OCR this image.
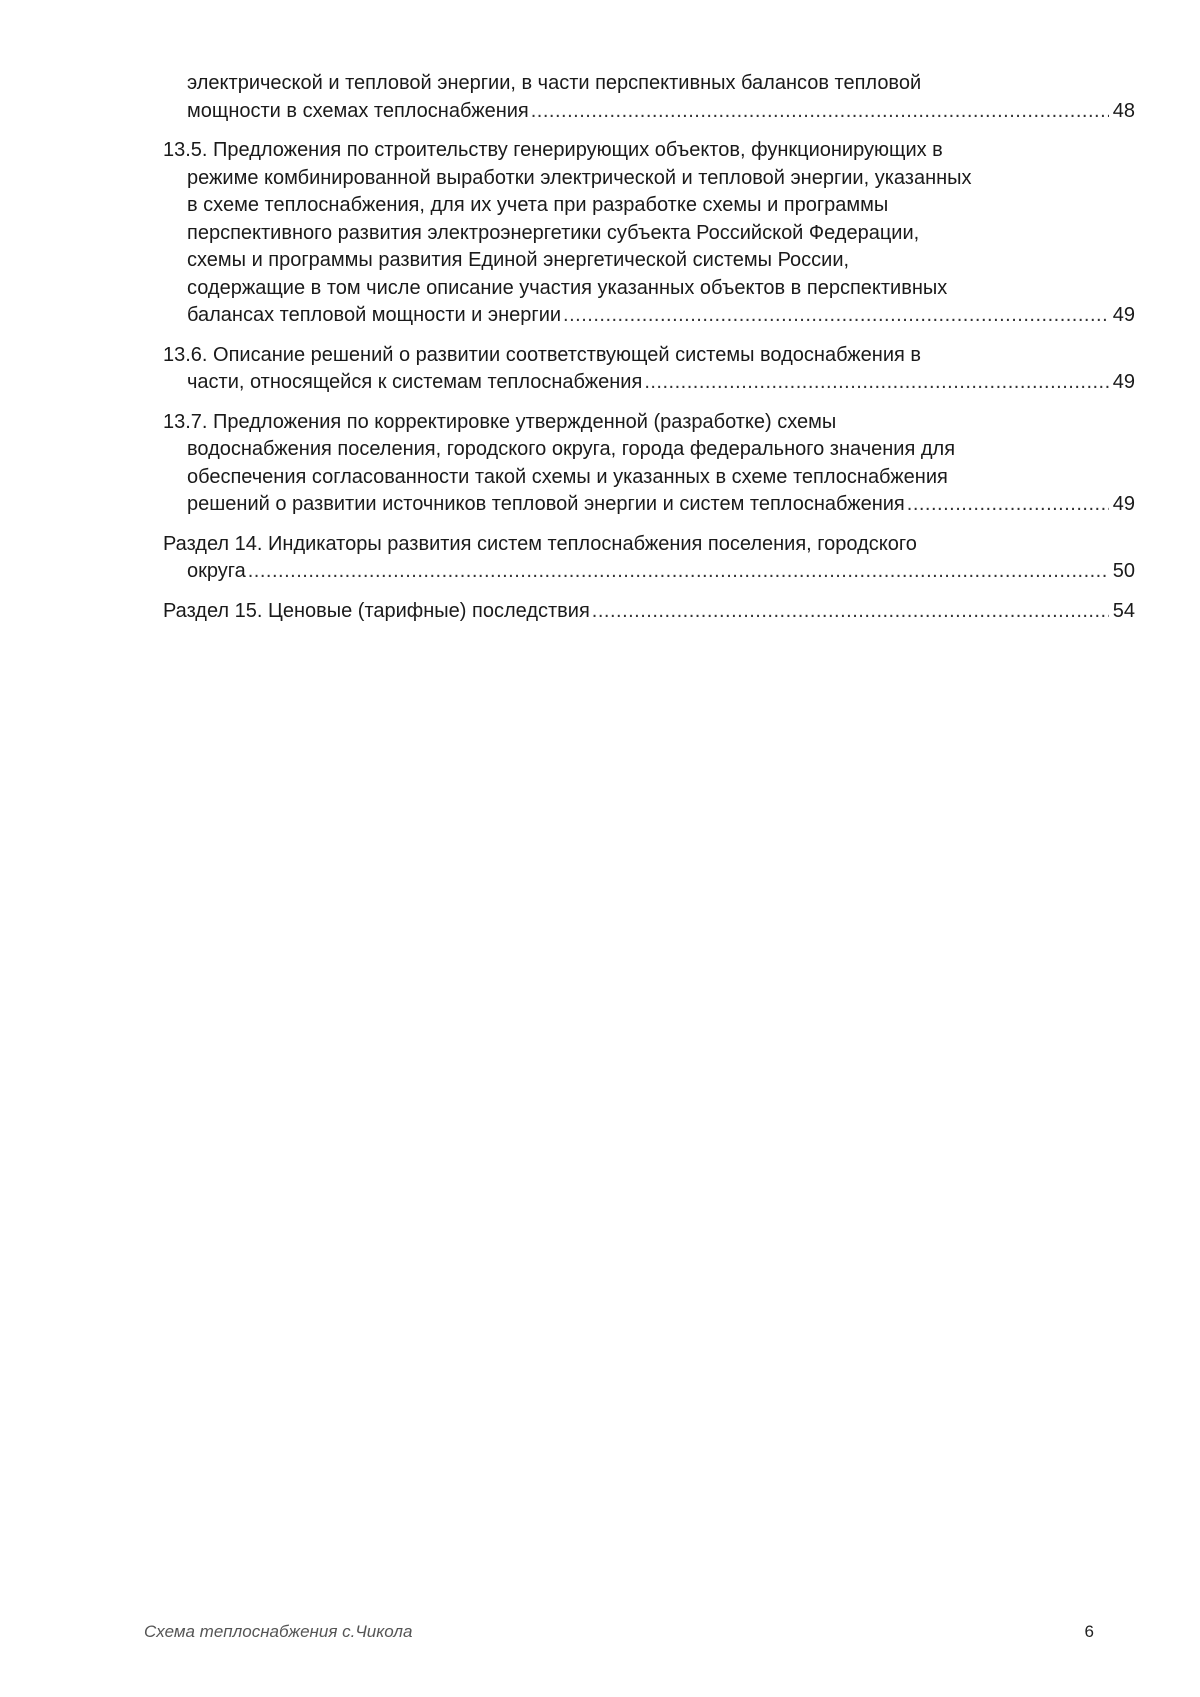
электрической и тепловой энергии, в части перспективных балансов тепловой
мощности в схемах теплоснабжения .....	48
13.5. Предложения по строительству генерирующих объектов, функционирующих в
режиме комбинированной выработки электрической и тепловой энергии, указанных
в схеме теплоснабжения, для их учета при разработке схемы и программы
перспективного развития электроэнергетики субъекта Российской Федерации,
схемы и программы развития Единой энергетической системы России,
содержащие в том числе описание участия указанных объектов в перспективных
балансах тепловой мощности и энергии .....	49
13.6. Описание решений о развитии соответствующей системы водоснабжения в
части, относящейся к системам теплоснабжения .....	49
13.7. Предложения по корректировке утвержденной (разработке) схемы
водоснабжения поселения, городского округа, города федерального значения для
обеспечения согласованности такой схемы и указанных в схеме теплоснабжения
решений о развитии источников тепловой энергии и систем теплоснабжения .....	49
Раздел 14. Индикаторы развития систем теплоснабжения поселения, городского
округа .....	50
Раздел 15. Ценовые (тарифные) последствия .....	54
Схема теплоснабжения с.Чикола	6
